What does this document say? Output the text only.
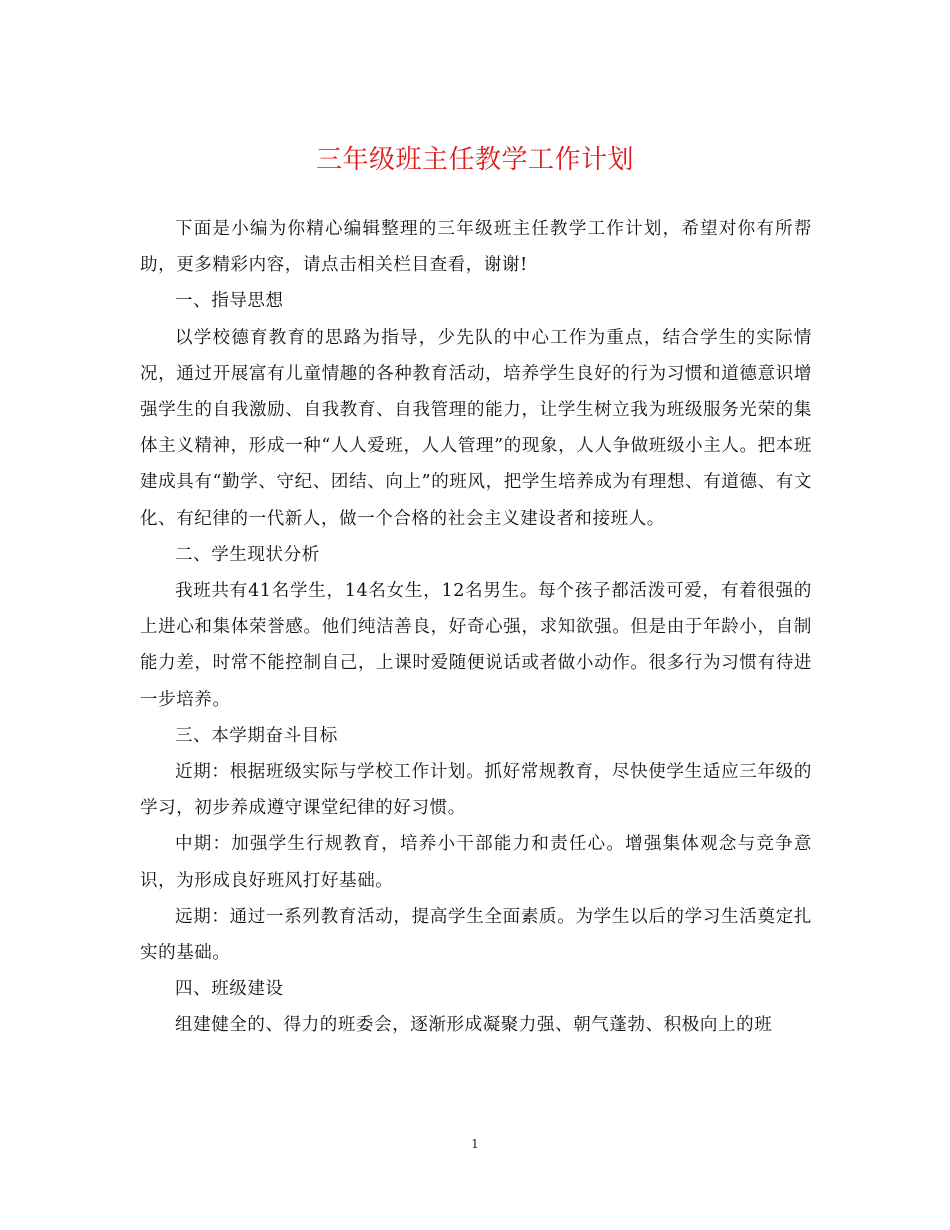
三年级班主任教学工作计划

下面是小编为你精心编辑整理的三年级班主任教学工作计划，希望对你有所帮助，更多精彩内容，请点击相关栏目查看，谢谢!

一、指导思想

以学校德育教育的思路为指导，少先队的中心工作为重点，结合学生的实际情况，通过开展富有儿童情趣的各种教育活动，培养学生良好的行为习惯和道德意识增强学生的自我激励、自我教育、自我管理的能力，让学生树立我为班级服务光荣的集体主义精神，形成一种“人人爱班，人人管理”的现象，人人争做班级小主人。把本班建成具有“勤学、守纪、团结、向上”的班风，把学生培养成为有理想、有道德、有文化、有纪律的一代新人，做一个合格的社会主义建设者和接班人。

二、学生现状分析

我班共有41名学生，14名女生，12名男生。每个孩子都活泼可爱，有着很强的上进心和集体荣誉感。他们纯洁善良，好奇心强，求知欲强。但是由于年龄小，自制能力差，时常不能控制自己，上课时爱随便说话或者做小动作。很多行为习惯有待进一步培养。

三、本学期奋斗目标

近期：根据班级实际与学校工作计划。抓好常规教育，尽快使学生适应三年级的学习，初步养成遵守课堂纪律的好习惯。

中期：加强学生行规教育，培养小干部能力和责任心。增强集体观念与竞争意识，为形成良好班风打好基础。

远期：通过一系列教育活动，提高学生全面素质。为学生以后的学习生活奠定扎实的基础。

四、班级建设

组建健全的、得力的班委会，逐渐形成凝聚力强、朝气蓬勃、积极向上的班

1
